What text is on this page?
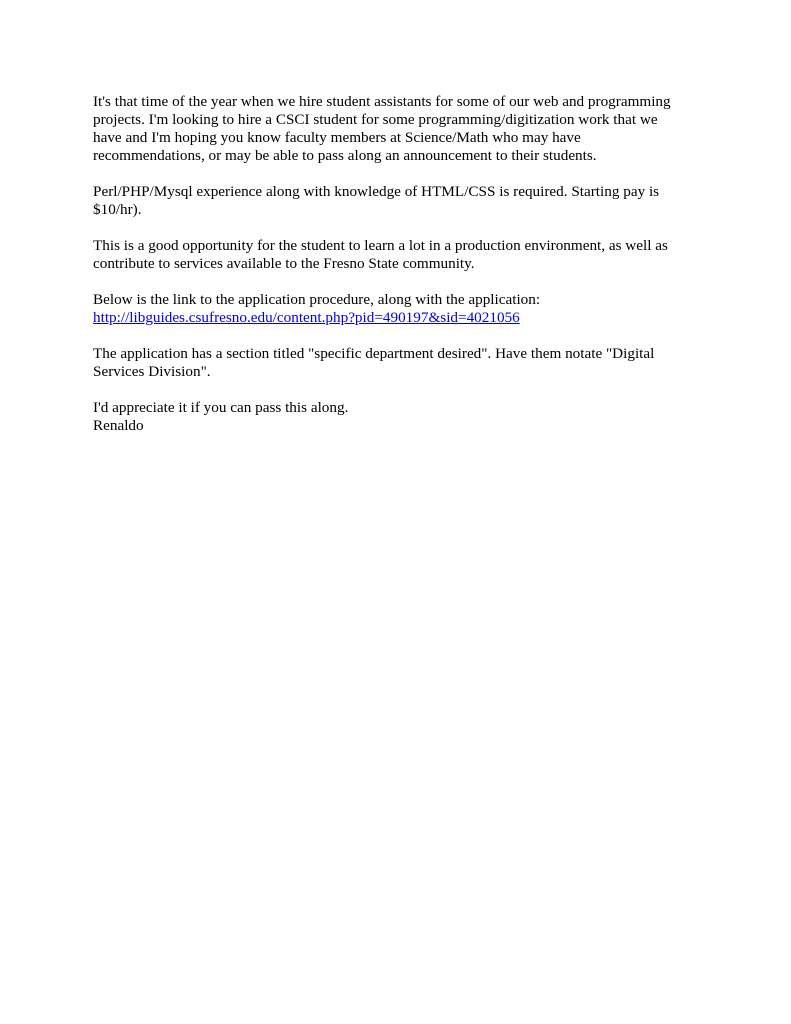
It's that time of the year when we hire student assistants for some of our web and programming
projects. I'm looking to hire a CSCI student for some programming/digitization work that we
have and I'm hoping you know faculty members at Science/Math who may have
recommendations, or may be able to pass along an announcement to their students.

Perl/PHP/Mysql experience along with knowledge of HTML/CSS is required. Starting pay is
$10/hr).

This is a good opportunity for the student to learn a lot in a production environment, as well as
contribute to services available to the Fresno State community.

Below is the link to the application procedure, along with the application:
http://libguides.csufresno.edu/content.php?pid=490197&sid=4021056

The application has a section titled "specific department desired". Have them notate "Digital
Services Division".

I'd appreciate it if you can pass this along.
Renaldo
